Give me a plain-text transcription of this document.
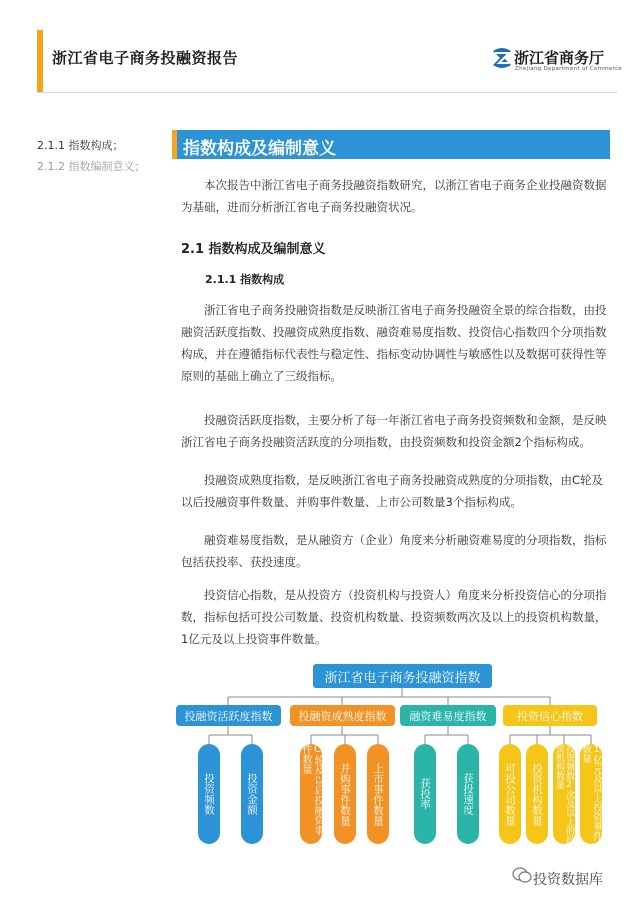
浙江省电子商务投融资报告	浙江省商务厅
Zhejiang Department of Commerce
2.1.1 指数构成；
2.1.2 指数编制意义；
指数构成及编制意义
本次报告中浙江省电子商务投融资指数研究，以浙江省电子商务企业投融资数据为基础，进而分析浙江省电子商务投融资状况。
2.1 指数构成及编制意义
2.1.1 指数构成
浙江省电子商务投融资指数是反映浙江省电子商务投融资全景的综合指数，由投融资活跃度指数、投融资成熟度指数、融资难易度指数、投资信心指数四个分项指数构成，并在遵循指标代表性与稳定性、指标变动协调性与敏感性以及数据可获得性等原则的基础上确立了三级指标。
投融资活跃度指数，主要分析了每一年浙江省电子商务投资频数和金额，是反映浙江省电子商务投融资活跃度的分项指数，由投资频数和投资金额2个指标构成。
投融资成熟度指数，是反映浙江省电子商务投融资成熟度的分项指数，由C轮及以后投融资事件数量、并购事件数量、上市公司数量3个指标构成。
融资难易度指数，是从融资方（企业）角度来分析融资难易度的分项指数，指标包括获投率、获投速度。
投资信心指数，是从投资方（投资机构与投资人）角度来分析投资信心的分项指数，指标包括可投公司数量、投资机构数量、投资频数两次及以上的投资机构数量，1亿元及以上投资事件数量。
浙江省电子商务投融资指数
投融资活跃度指数	投融资成熟度指数	融资难易度指数	投资信心指数
投资频数	投资金额	C轮及以后投融资事件数量
并购事件数量	上市事件数量	获投率	获投速度	可投公司数量	投资机构数量	投资频数2次及以上的投资机构数量	1亿元及以上投资事件数量
投资数据库
